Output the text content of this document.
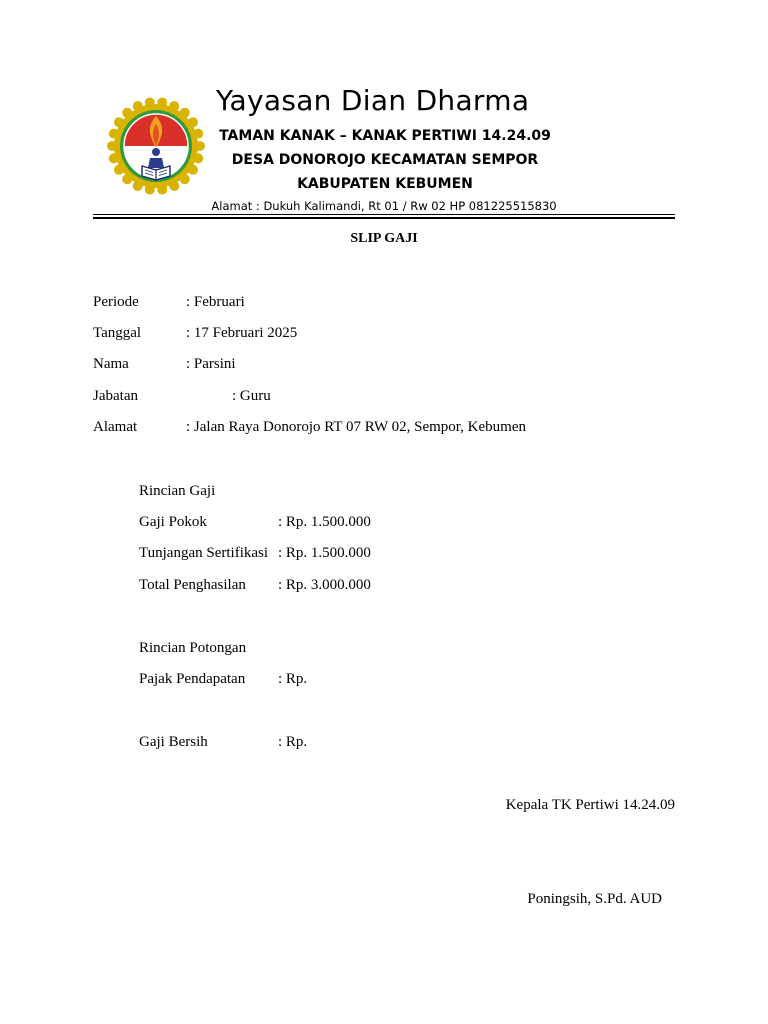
Yayasan Dian Dharma
TAMAN KANAK – KANAK PERTIWI 14.24.09
DESA DONOROJO KECAMATAN SEMPOR
KABUPATEN KEBUMEN
Alamat : Dukuh Kalimandi, Rt 01 / Rw 02 HP 081225515830
SLIP GAJI
Periode	: Februari
Tanggal	: 17 Februari 2025
Nama	: Parsini
Jabatan	: Guru
Alamat	: Jalan Raya Donorojo RT 07 RW 02, Sempor, Kebumen
Rincian Gaji
Gaji Pokok	: Rp. 1.500.000
Tunjangan Sertifikasi : Rp. 1.500.000
Total Penghasilan : Rp. 3.000.000
Rincian Potongan
Pajak Pendapatan : Rp.
Gaji Bersih	: Rp.
Kepala TK Pertiwi 14.24.09
Poningsih, S.Pd. AUD
